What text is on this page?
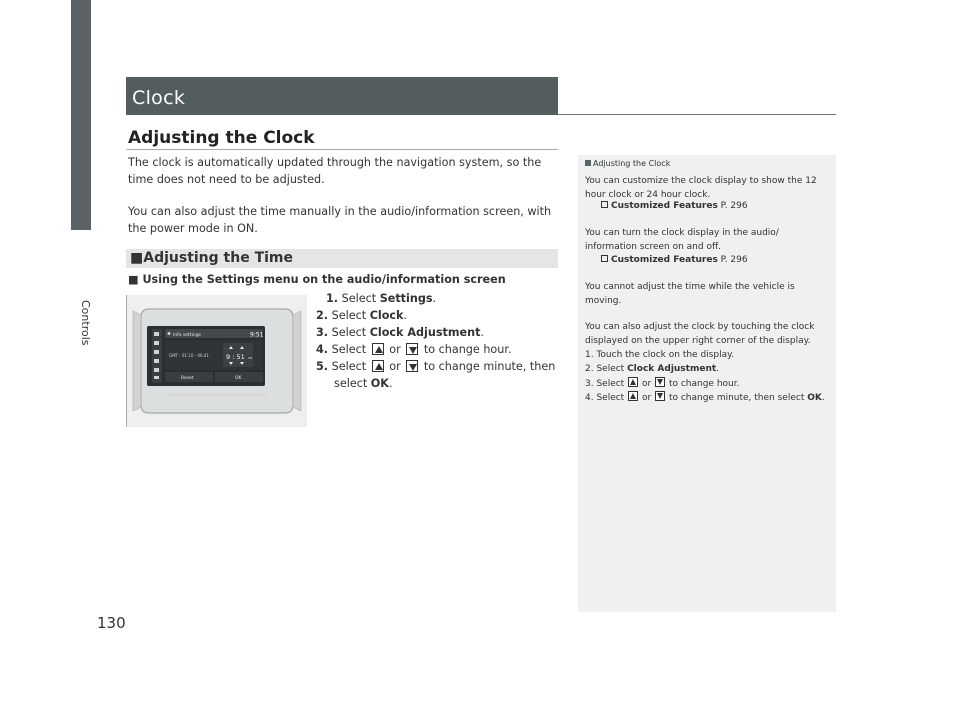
Controls
130
Clock
Adjusting the Clock
The clock is automatically updated through the navigation system, so the time does not need to be adjusted.
You can also adjust the time manually in the audio/information screen, with the power mode in ON.
■Adjusting the Time
■ Using the Settings menu on the audio/information screen
1. Select Settings.
2. Select Clock.
3. Select Clock Adjustment.
4. Select or to change hour.
5. Select or to change minute, then
select OK.
Info settings	9:51
GMT : 01:10 - 06:41	9 : 51 PM
Reset	OK
Adjusting the Clock
You can customize the clock display to show the 12 hour clock or 24 hour clock.
Customized Features P. 296
You can turn the clock display in the audio/ information screen on and off.
Customized Features P. 296
You cannot adjust the time while the vehicle is moving.
You can also adjust the clock by touching the clock displayed on the upper right corner of the display.
1. Touch the clock on the display.
2. Select Clock Adjustment.
3. Select or to change hour.
4. Select or to change minute, then select OK.
